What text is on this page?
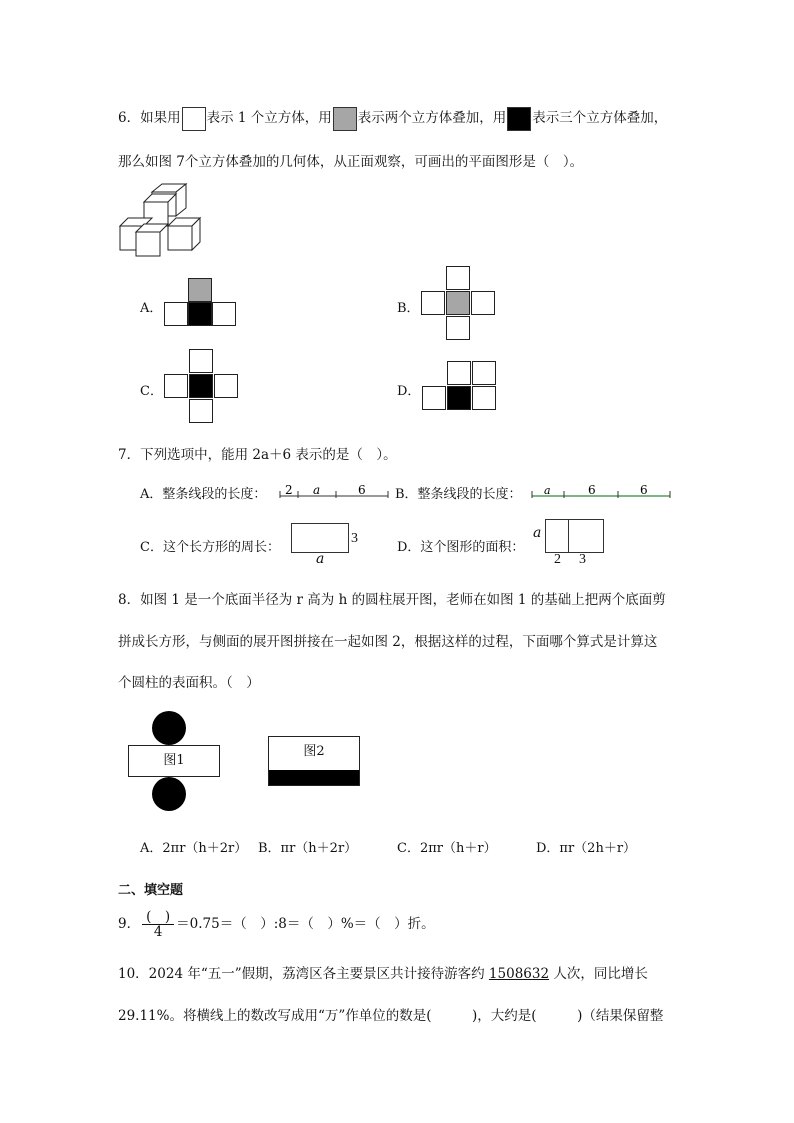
6．如果用 表示 1 个立方体，用 表示两个立方体叠加，用 表示三个立方体叠加，
那么如图 7个立方体叠加的几何体，从正面观察，可画出的平面图形是（　）。
A．	B．
C．	D．
7．下列选项中，能用 2a＋6 表示的是（　）。
A．整条线段的长度： 2 a	6 B．整条线段的长度： a	6	6
C．这个长方形的周长：
3
a
D．这个图形的面积：
a
2 3
8．如图 1 是一个底面半径为 r 高为 h 的圆柱展开图，老师在如图 1 的基础上把两个底面剪
拼成长方形，与侧面的展开图拼接在一起如图 2，根据这样的过程，下面哪个算式是计算这
个圆柱的表面积。（　）
图1
图2
A．2πr（h＋2r） B．πr（h＋2r）	C．2πr（h＋r）	D．πr（2h＋r）
二、填空题
9． $\frac{( )}{4} =0.75=$（　）:8＝（　）%＝（　）折。
10．2024 年“五一”假期，荔湾区各主要景区共计接待游客约 1508632 人次，同比增长
29.11%。将横线上的数改写成用“万”作单位的数是(　　　)，大约是(　　　)（结果保留整
